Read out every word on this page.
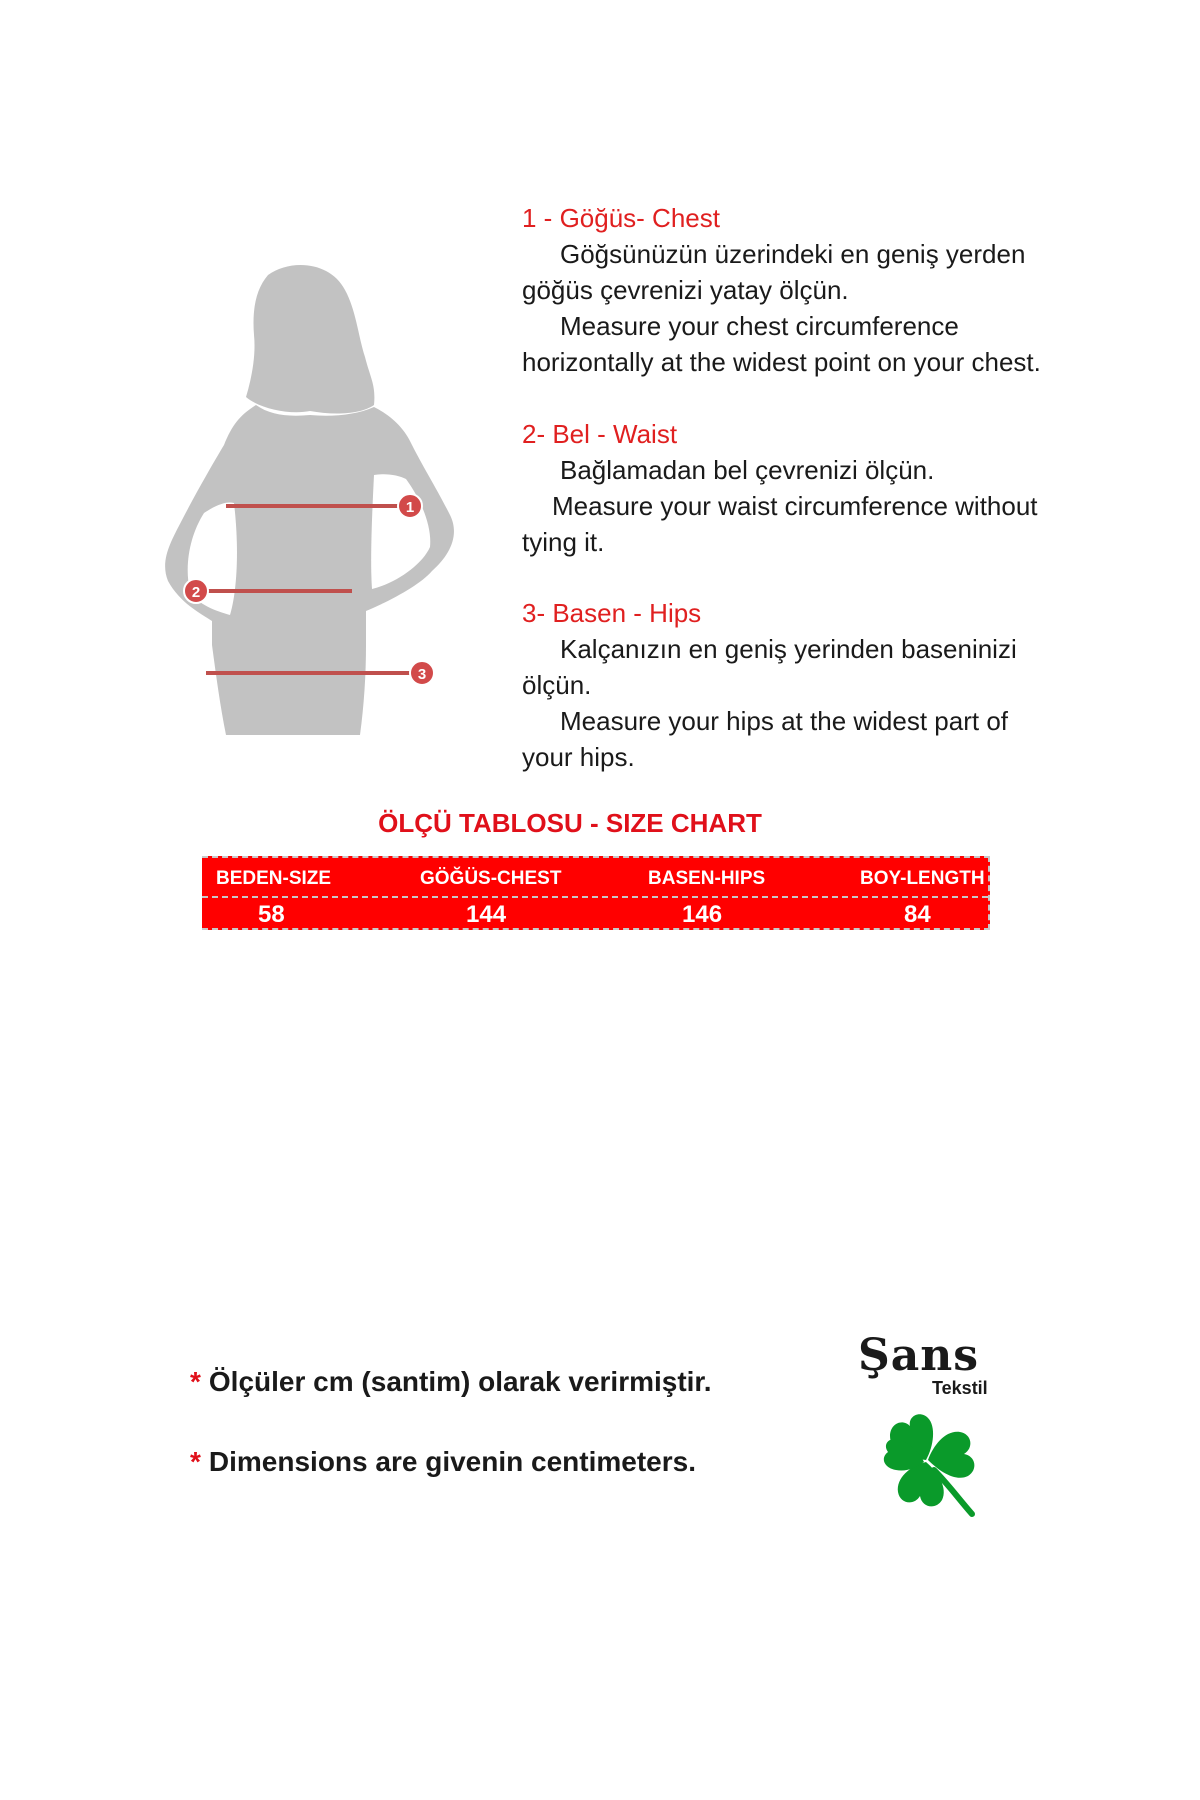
1
2
3
1 - Göğüs- Chest
Göğsünüzün üzerindeki en geniş yerden
göğüs çevrenizi yatay ölçün.
Measure your chest circumference
horizontally at the widest point on your chest.
2- Bel - Waist
Bağlamadan bel çevrenizi ölçün.
Measure your waist circumference without
tying it.
3- Basen - Hips
Kalçanızın en geniş yerinden baseninizi
ölçün.
Measure your hips at the widest part of
your hips.
ÖLÇÜ TABLOSU - SIZE CHART
BEDEN-SIZE	GÖĞÜS-CHEST	BASEN-HIPS	BOY-LENGTH
58	144	146	84
* Ölçüler cm (santim) olarak verirmiştir.
* Dimensions are givenin centimeters.
Şans
Tekstil
